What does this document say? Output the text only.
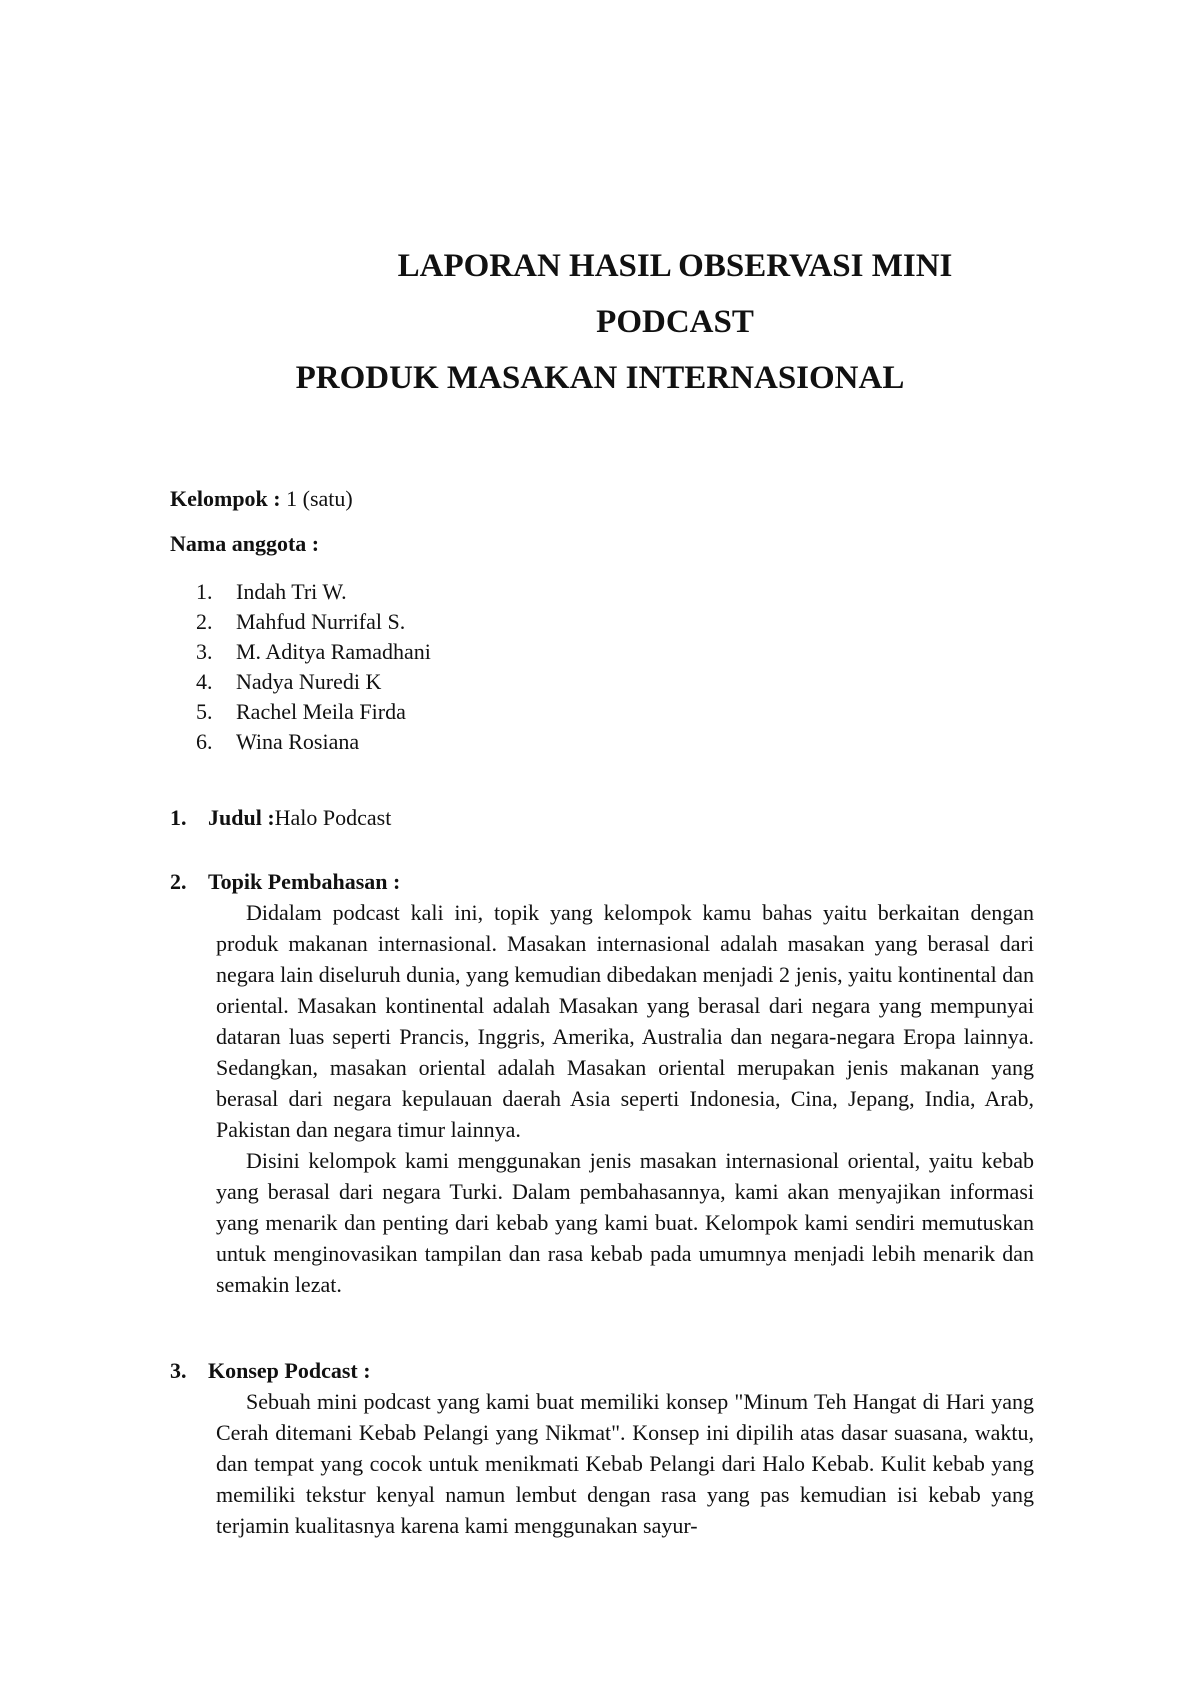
LAPORAN HASIL OBSERVASI MINI
PODCAST
PRODUK MASAKAN INTERNASIONAL
Kelompok : 1 (satu)
Nama anggota :
1.	Indah Tri W.
2.	Mahfud Nurrifal S.
3.	M. Aditya Ramadhani
4.	Nadya Nuredi K
5.	Rachel Meila Firda
6.	Wina Rosiana
1. Judul : Halo Podcast
2. Topik Pembahasan :

Didalam podcast kali ini, topik yang kelompok kamu bahas yaitu berkaitan dengan produk makanan internasional. Masakan internasional adalah masakan yang berasal dari negara lain diseluruh dunia, yang kemudian dibedakan menjadi 2 jenis, yaitu kontinental dan oriental. Masakan kontinental adalah Masakan yang berasal dari negara yang mempunyai dataran luas seperti Prancis, Inggris, Amerika, Australia dan negara-negara Eropa lainnya. Sedangkan, masakan oriental adalah Masakan oriental merupakan jenis makanan yang berasal dari negara kepulauan daerah Asia seperti Indonesia, Cina, Jepang, India, Arab, Pakistan dan negara timur lainnya.

Disini kelompok kami menggunakan jenis masakan internasional oriental, yaitu kebab yang berasal dari negara Turki. Dalam pembahasannya, kami akan menyajikan informasi yang menarik dan penting dari kebab yang kami buat. Kelompok kami sendiri memutuskan untuk menginovasikan tampilan dan rasa kebab pada umumnya menjadi lebih menarik dan semakin lezat.

3. Konsep Podcast :

Sebuah mini podcast yang kami buat memiliki konsep "Minum Teh Hangat di Hari yang Cerah ditemani Kebab Pelangi yang Nikmat". Konsep ini dipilih atas dasar suasana, waktu, dan tempat yang cocok untuk menikmati Kebab Pelangi dari Halo Kebab. Kulit kebab yang memiliki tekstur kenyal namun lembut dengan rasa yang pas kemudian isi kebab yang terjamin kualitasnya karena kami menggunakan sayur-
